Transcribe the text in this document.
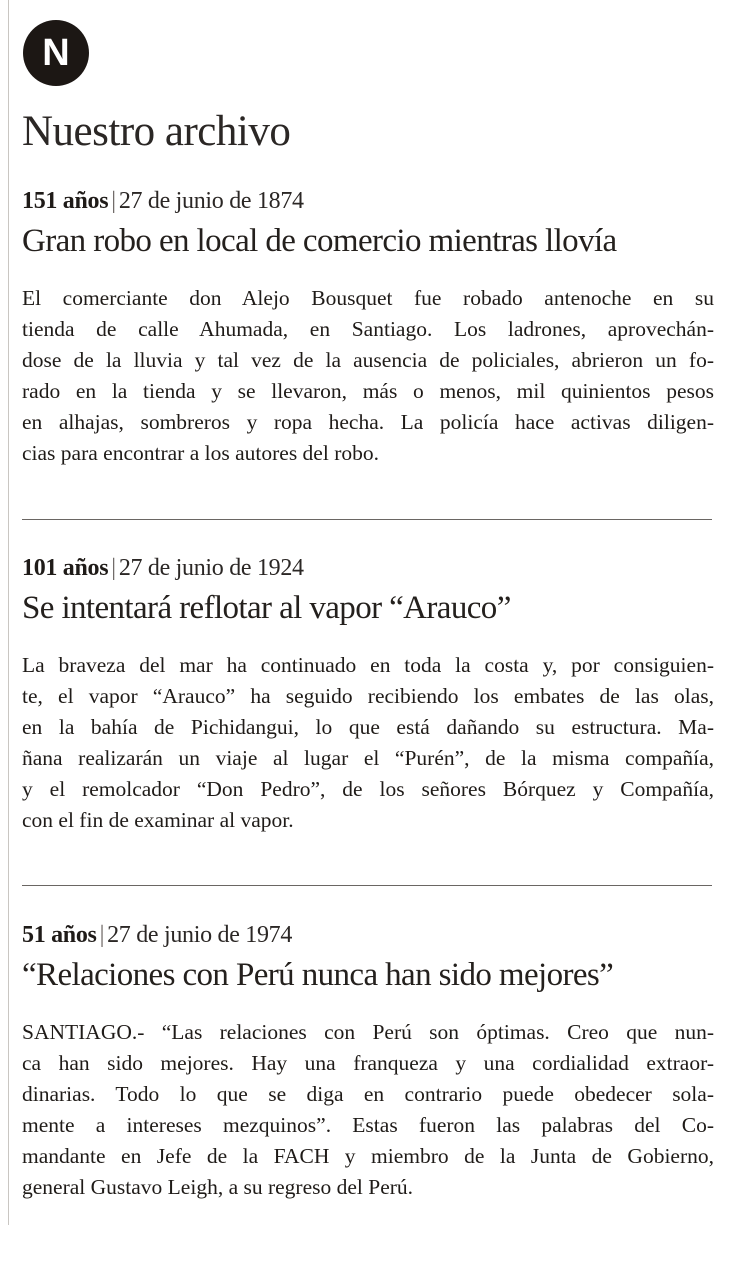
N
Nuestro archivo
151 años | 27 de junio de 1874
Gran robo en local de comercio mientras llovía
El comerciante don Alejo Bousquet fue robado antenoche en su
tienda de calle Ahumada, en Santiago. Los ladrones, aprovechán-
dose de la lluvia y tal vez de la ausencia de policiales, abrieron un fo-
rado en la tienda y se llevaron, más o menos, mil quinientos pesos
en alhajas, sombreros y ropa hecha. La policía hace activas diligen-
cias para encontrar a los autores del robo.
101 años | 27 de junio de 1924
Se intentará reflotar al vapor “Arauco”
La braveza del mar ha continuado en toda la costa y, por consiguien-
te, el vapor “Arauco” ha seguido recibiendo los embates de las olas,
en la bahía de Pichidangui, lo que está dañando su estructura. Ma-
ñana realizarán un viaje al lugar el “Purén”, de la misma compañía,
y el remolcador “Don Pedro”, de los señores Bórquez y Compañía,
con el fin de examinar al vapor.
51 años | 27 de junio de 1974
“Relaciones con Perú nunca han sido mejores”
SANTIAGO.- “Las relaciones con Perú son óptimas. Creo que nun-
ca han sido mejores. Hay una franqueza y una cordialidad extraor-
dinarias. Todo lo que se diga en contrario puede obedecer sola-
mente a intereses mezquinos”. Estas fueron las palabras del Co-
mandante en Jefe de la FACH y miembro de la Junta de Gobierno,
general Gustavo Leigh, a su regreso del Perú.
